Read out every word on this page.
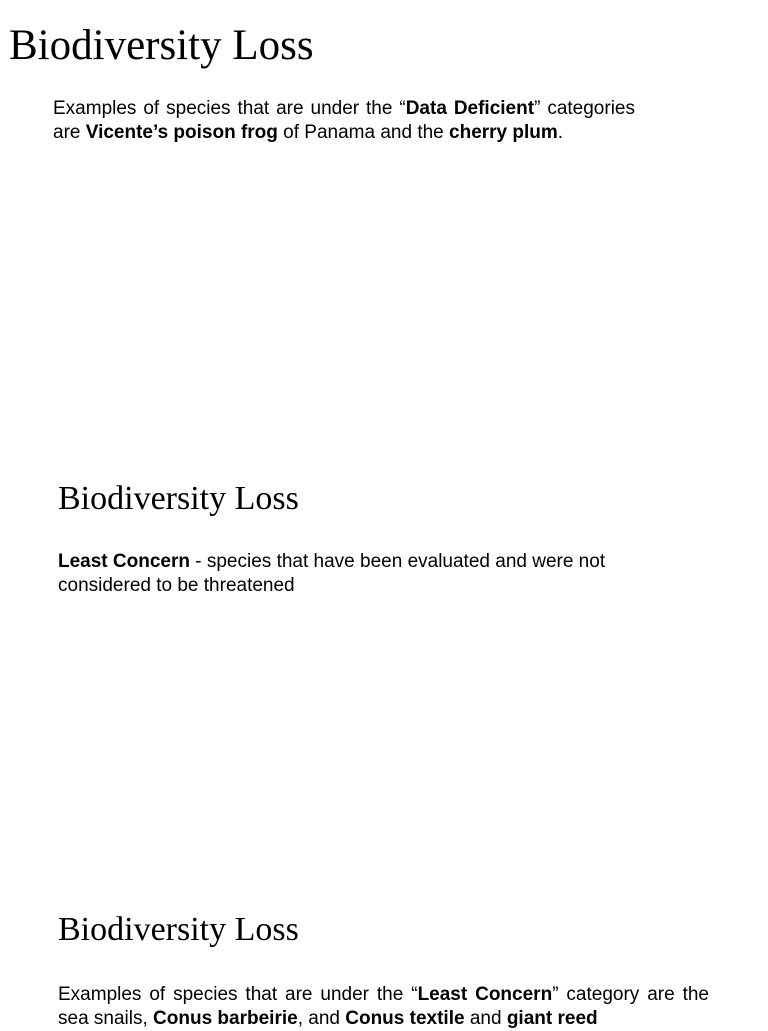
Biodiversity Loss

Examples of species that are under the “Data Deficient” categories are Vicente’s poison frog of Panama and the cherry plum.

Biodiversity Loss

Least Concern - species that have been evaluated and were not considered to be threatened

Biodiversity Loss

Examples of species that are under the “Least Concern” category are the sea snails, Conus barbeirie, and Conus textile and giant reed
